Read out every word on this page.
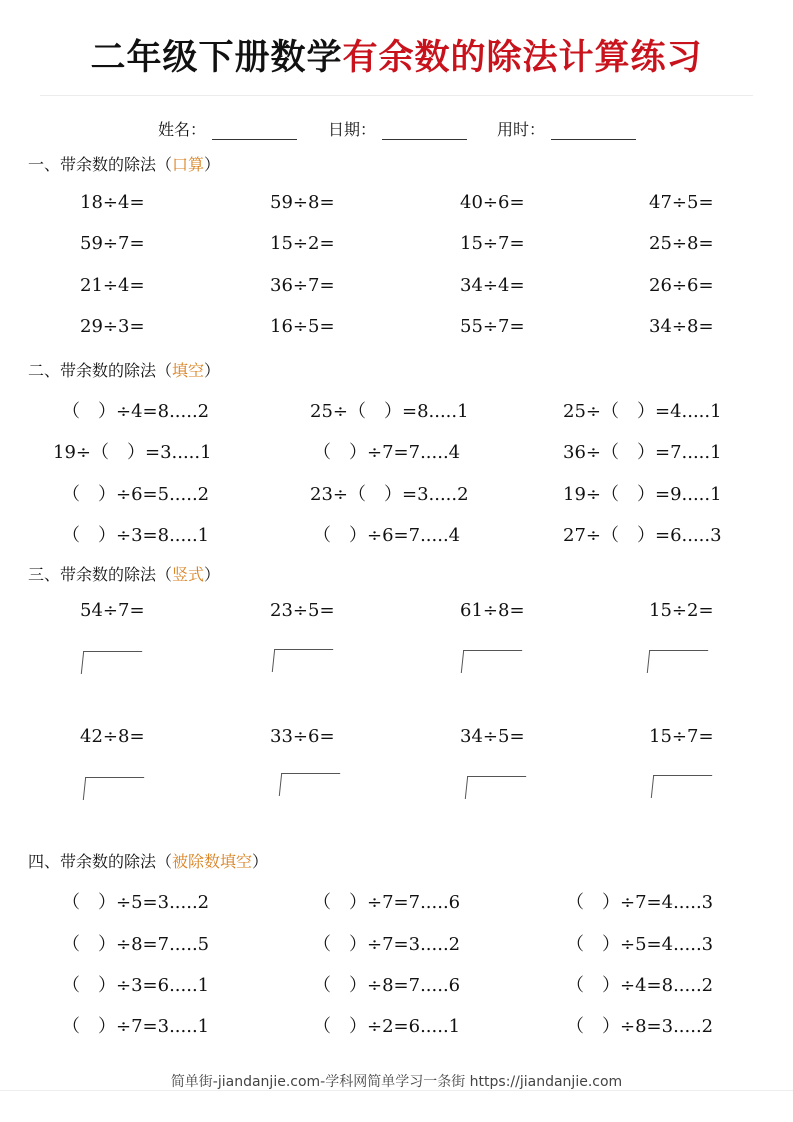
二年级下册数学有余数的除法计算练习
姓名：	日期：	用时：
一、带余数的除法（口算）
18÷4=	59÷8=	40÷6=	47÷5=
59÷7=	15÷2=	15÷7=	25÷8=
21÷4=	36÷7=	34÷4=	26÷6=
29÷3=	16÷5=	55÷7=	34÷8=
二、带余数的除法（填空）
（　）÷4=8.....2	25÷（　）=8.....1	25÷（　）=4.....1
19÷（　）=3.....1	（　）÷7=7.....4	36÷（　）=7.....1
（　）÷6=5.....2	23÷（　）=3.....2	19÷（　）=9.....1
（　）÷3=8.....1	（　）÷6=7.....4	27÷（　）=6.....3
三、带余数的除法（竖式）
54÷7=	23÷5=	61÷8=	15÷2=
42÷8=	33÷6=	34÷5=	15÷7=
四、带余数的除法（被除数填空）
（　）÷5=3.....2	（　）÷7=7.....6	（　）÷7=4.....3
（　）÷8=7.....5	（　）÷7=3.....2	（　）÷5=4.....3
（　）÷3=6.....1	（　）÷8=7.....6	（　）÷4=8.....2
（　）÷7=3.....1	（　）÷2=6.....1	（　）÷8=3.....2
简单街-jiandanjie.com-学科网简单学习一条街 https://jiandanjie.com
